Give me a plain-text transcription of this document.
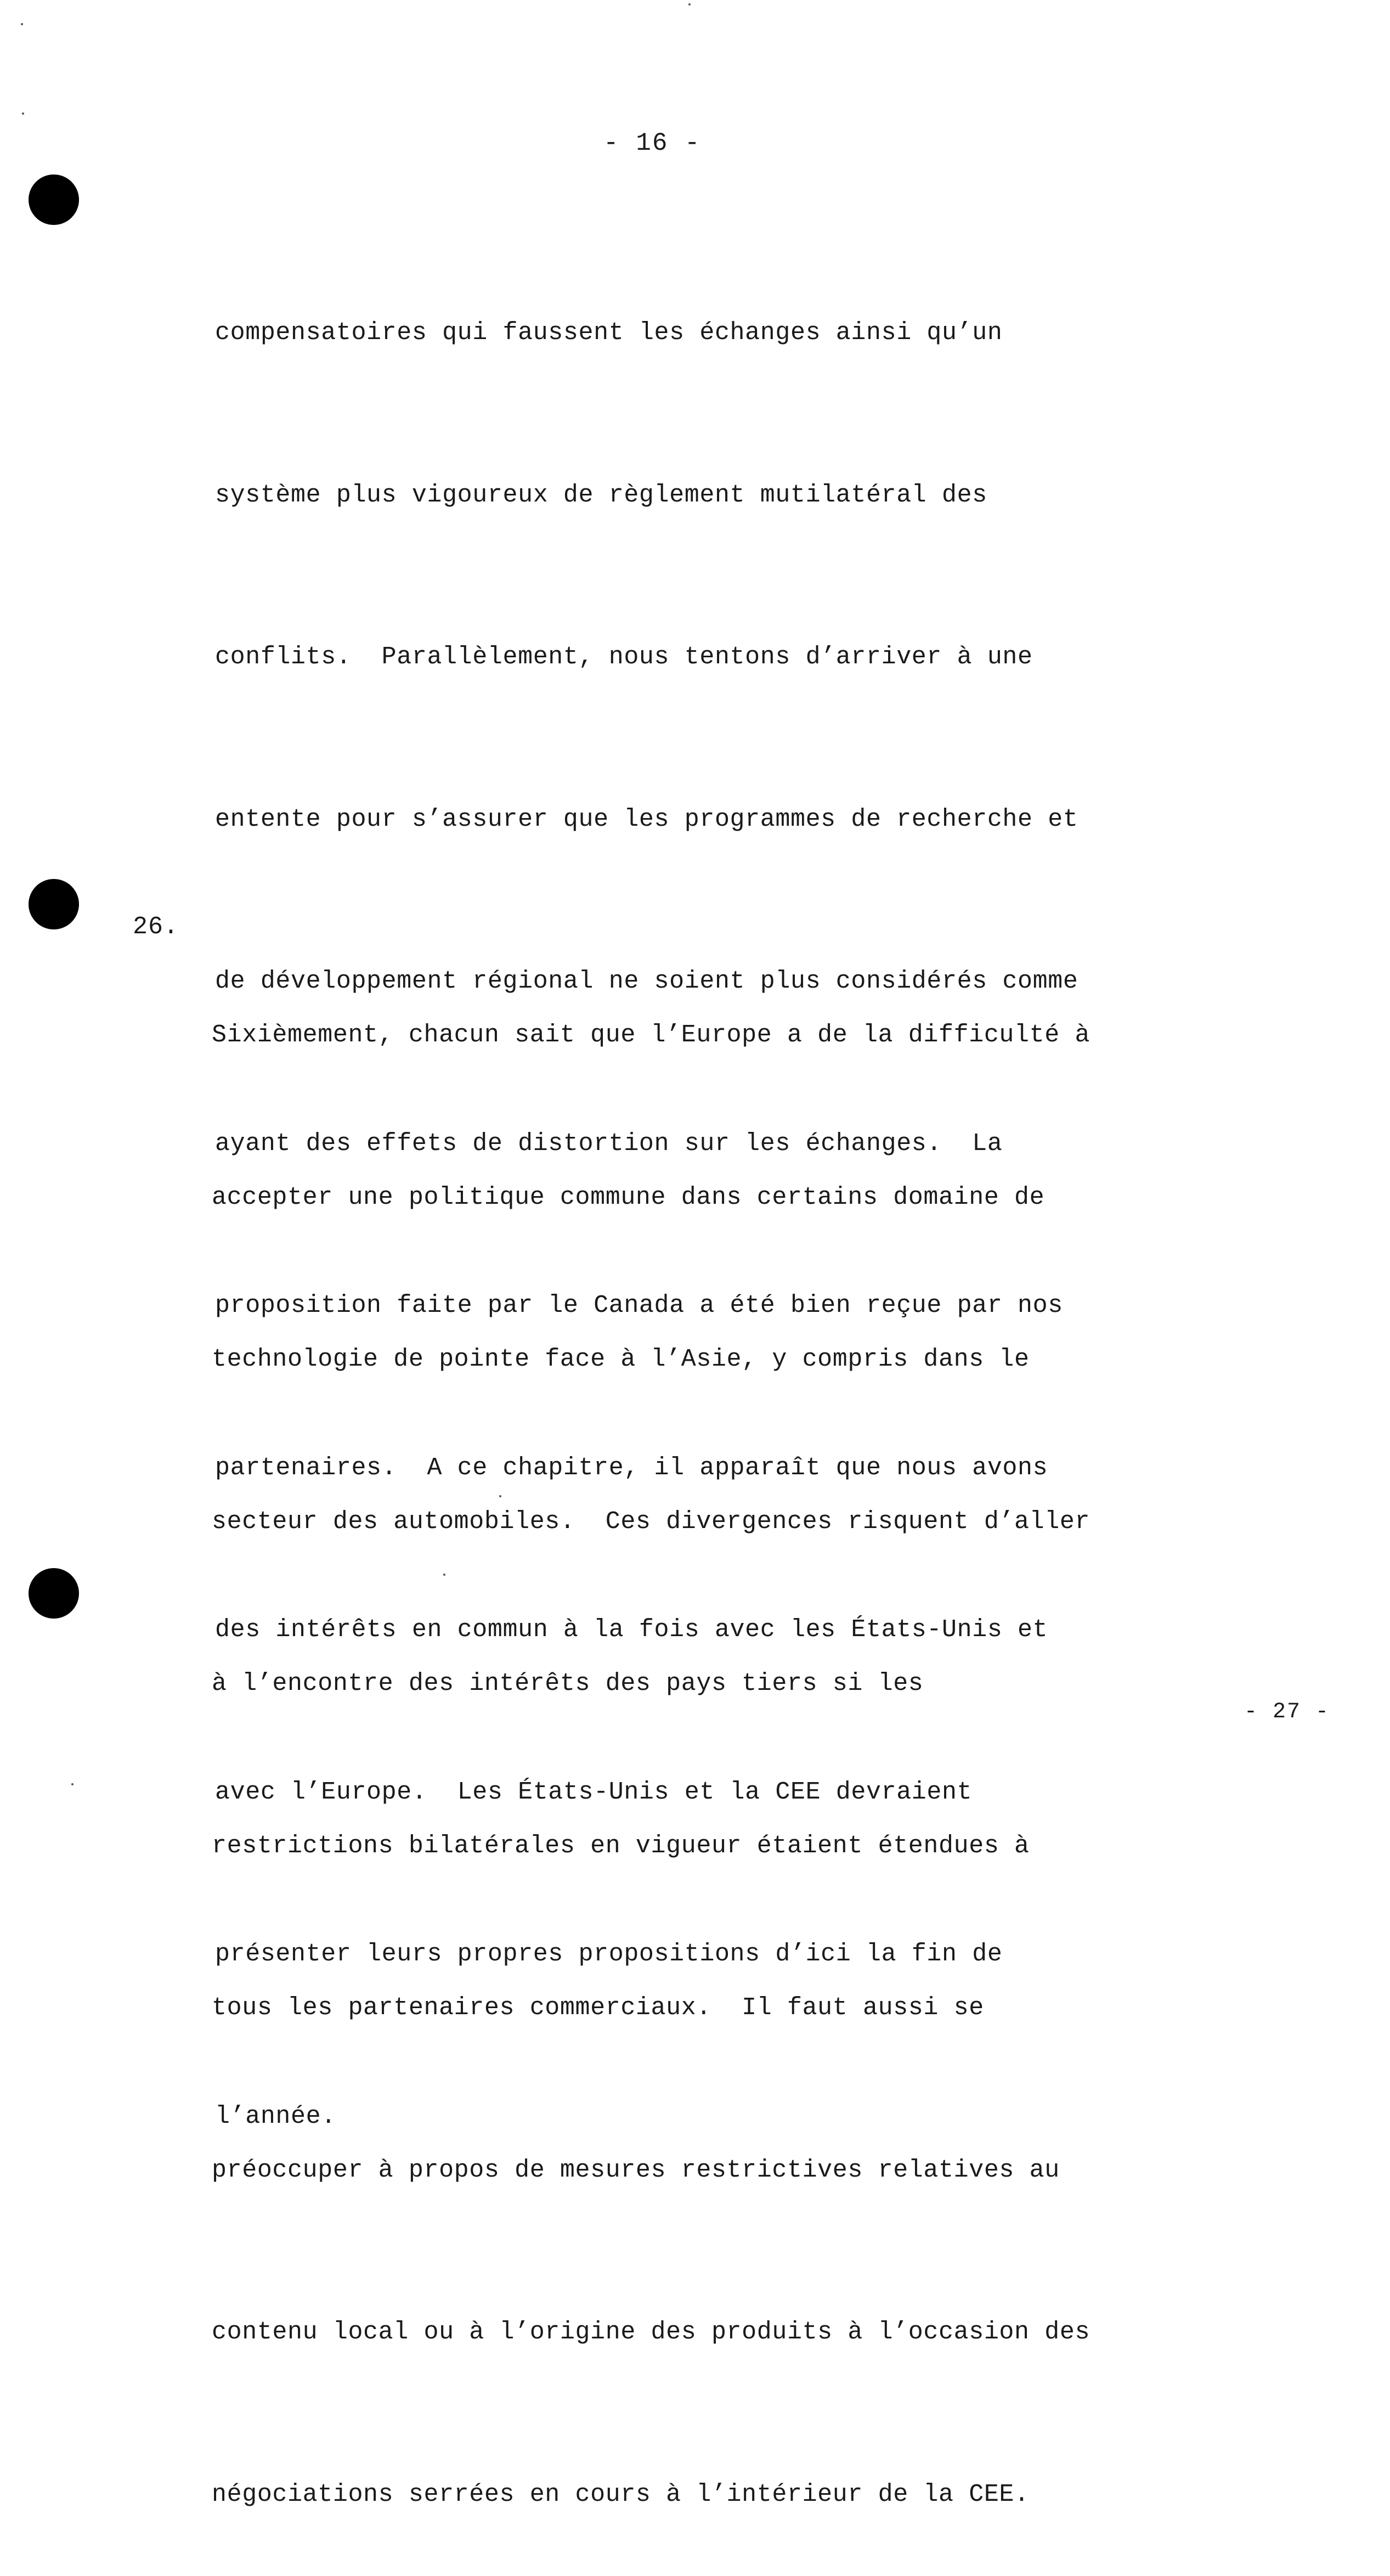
- 16 -

compensatoires qui faussent les échanges ainsi qu’un

système plus vigoureux de règlement mutilatéral des

conflits.  Parallèlement, nous tentons d’arriver à une

entente pour s’assurer que les programmes de recherche et

de développement régional ne soient plus considérés comme

ayant des effets de distortion sur les échanges.  La

proposition faite par le Canada a été bien reçue par nos

partenaires.  A ce chapitre, il apparaît que nous avons

des intérêts en commun à la fois avec les États-Unis et

avec l’Europe.  Les États-Unis et la CEE devraient

présenter leurs propres propositions d’ici la fin de

l’année.

26.

Sixièmement, chacun sait que l’Europe a de la difficulté à

accepter une politique commune dans certains domaine de

technologie de pointe face à l’Asie, y compris dans le

secteur des automobiles.  Ces divergences risquent d’aller

à l’encontre des intérêts des pays tiers si les

restrictions bilatérales en vigueur étaient étendues à

tous les partenaires commerciaux.  Il faut aussi se

préoccuper à propos de mesures restrictives relatives au

contenu local ou à l’origine des produits à l’occasion des

négociations serrées en cours à l’intérieur de la CEE.

- 27 -
